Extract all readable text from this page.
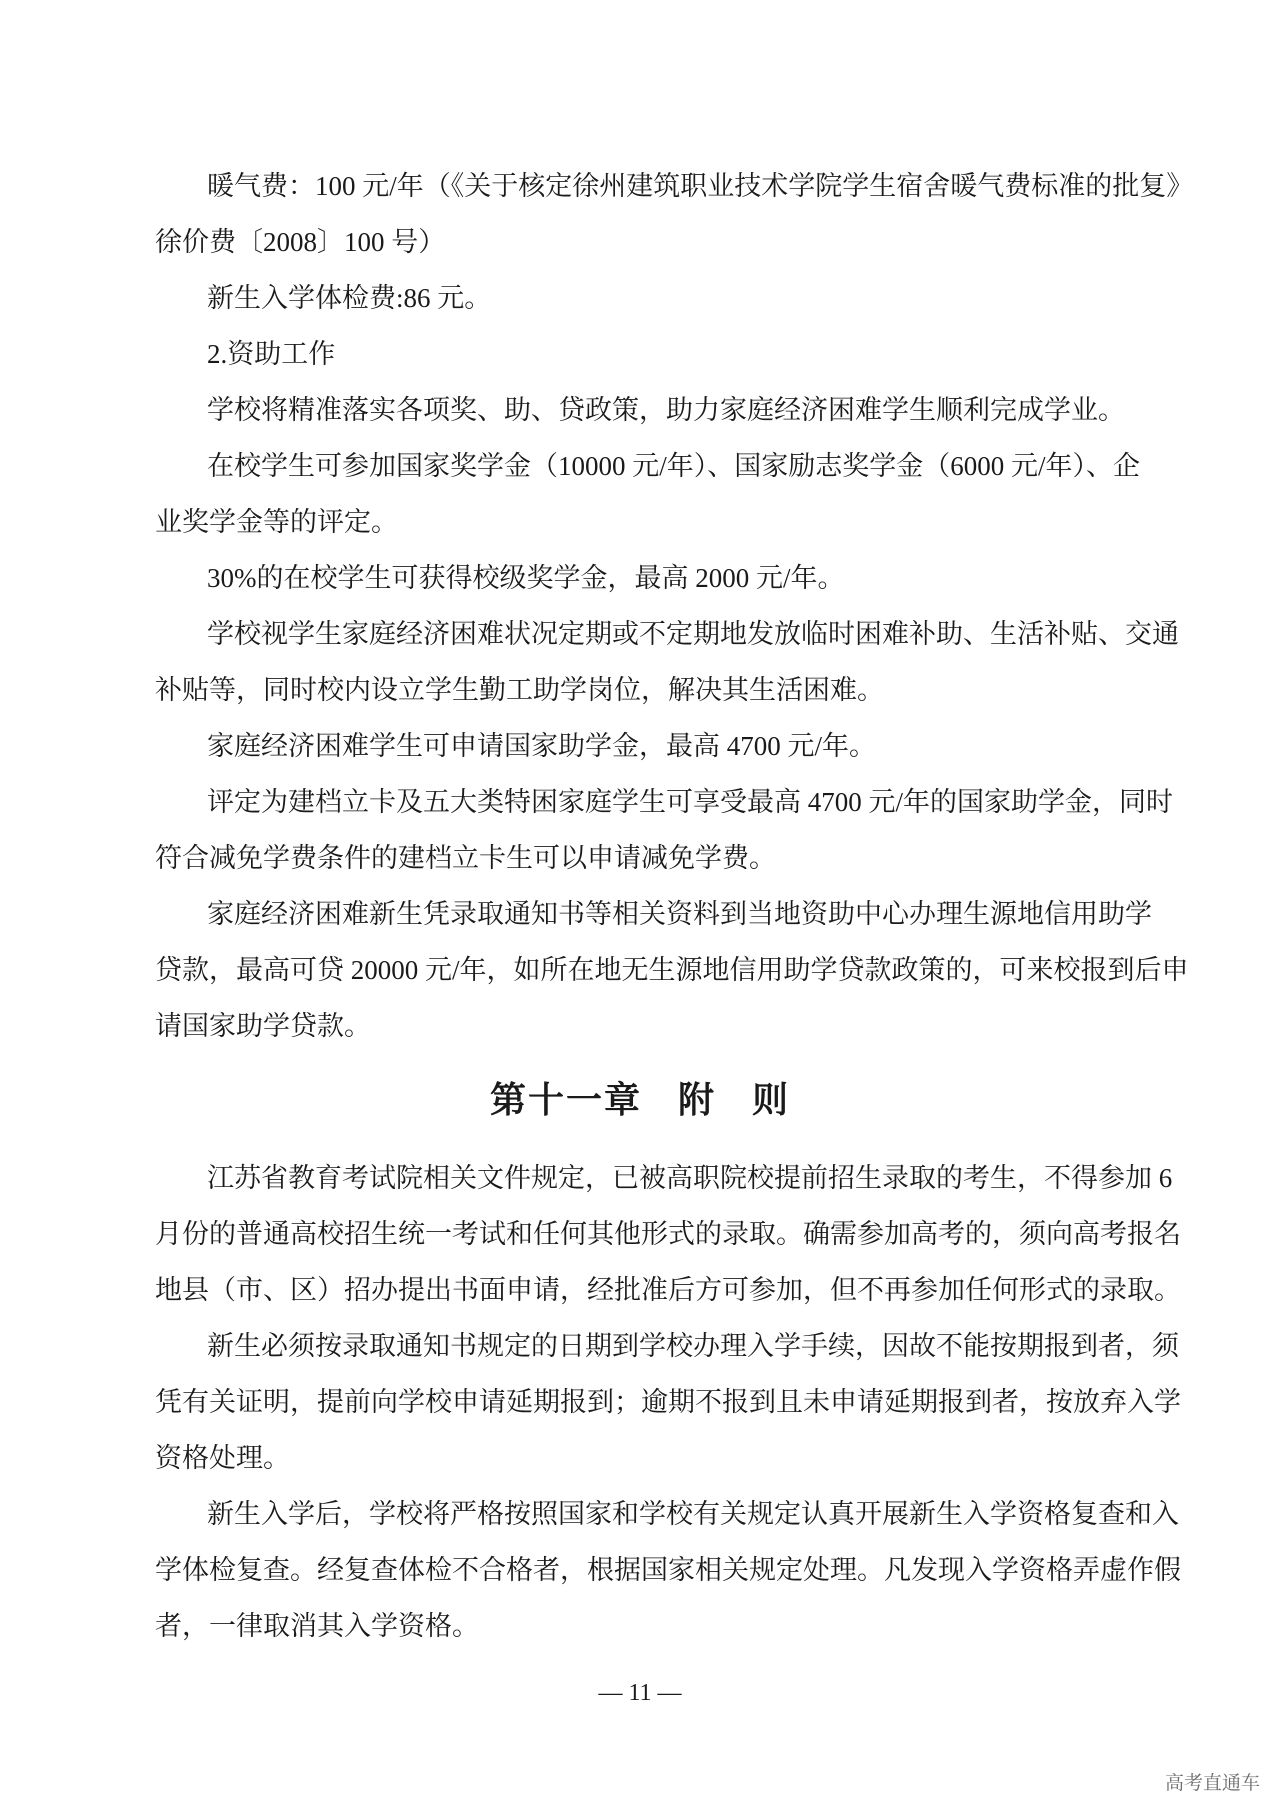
暖气费：100 元/年（《关于核定徐州建筑职业技术学院学生宿舍暖气费标准的批复》
徐价费〔2008〕100 号）
新生入学体检费:86 元。
2.资助工作
学校将精准落实各项奖、助、贷政策，助力家庭经济困难学生顺利完成学业。
在校学生可参加国家奖学金（10000 元/年）、国家励志奖学金（6000 元/年）、企
业奖学金等的评定。
30%的在校学生可获得校级奖学金，最高 2000 元/年。
学校视学生家庭经济困难状况定期或不定期地发放临时困难补助、生活补贴、交通
补贴等，同时校内设立学生勤工助学岗位，解决其生活困难。
家庭经济困难学生可申请国家助学金，最高 4700 元/年。
评定为建档立卡及五大类特困家庭学生可享受最高 4700 元/年的国家助学金，同时
符合减免学费条件的建档立卡生可以申请减免学费。
家庭经济困难新生凭录取通知书等相关资料到当地资助中心办理生源地信用助学
贷款，最高可贷 20000 元/年，如所在地无生源地信用助学贷款政策的，可来校报到后申
请国家助学贷款。
第十一章 附 则
江苏省教育考试院相关文件规定，已被高职院校提前招生录取的考生，不得参加 6
月份的普通高校招生统一考试和任何其他形式的录取。确需参加高考的，须向高考报名
地县（市、区）招办提出书面申请，经批准后方可参加，但不再参加任何形式的录取。
新生必须按录取通知书规定的日期到学校办理入学手续，因故不能按期报到者，须
凭有关证明，提前向学校申请延期报到；逾期不报到且未申请延期报到者，按放弃入学
资格处理。
新生入学后，学校将严格按照国家和学校有关规定认真开展新生入学资格复查和入
学体检复查。经复查体检不合格者，根据国家相关规定处理。凡发现入学资格弄虚作假
者，一律取消其入学资格。
— 11 —
高考直通车
